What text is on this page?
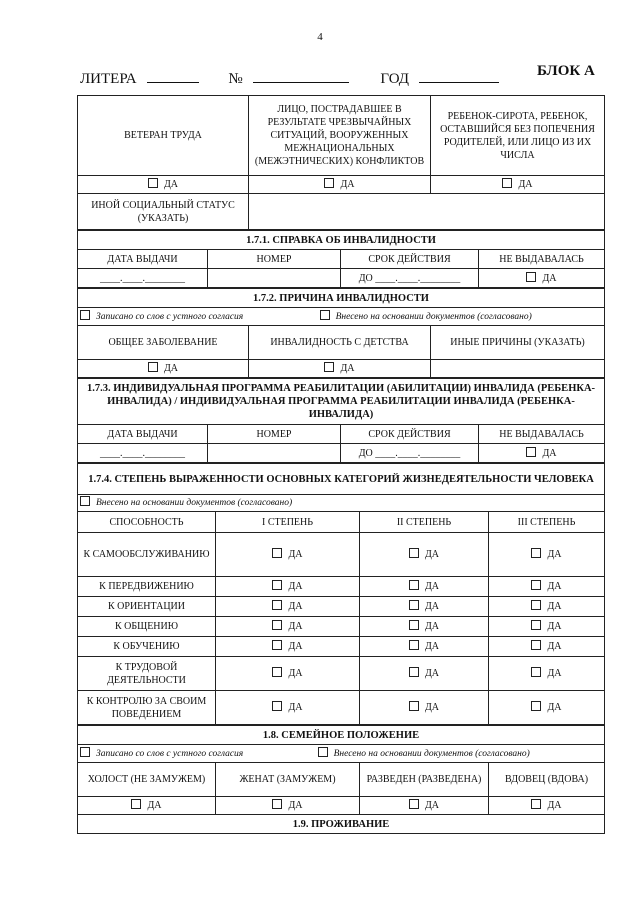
4
ЛИТЕРА	№	ГОД	БЛОК А
ВЕТЕРАН ТРУДА	ЛИЦО, ПОСТРАДАВШЕЕ В РЕЗУЛЬТАТЕ ЧРЕЗВЫЧАЙНЫХ СИТУАЦИЙ, ВООРУЖЕННЫХ МЕЖНАЦИОНАЛЬНЫХ (МЕЖЭТНИЧЕСКИХ) КОНФЛИКТОВ	РЕБЕНОК-СИРОТА, РЕБЕНОК, ОСТАВШИЙСЯ БЕЗ ПОПЕЧЕНИЯ РОДИТЕЛЕЙ, ИЛИ ЛИЦО ИЗ ИХ ЧИСЛА
ДА	ДА	ДА
ИНОЙ СОЦИАЛЬНЫЙ СТАТУС (УКАЗАТЬ)		
1.7.1. СПРАВКА ОБ ИНВАЛИДНОСТИ			
ДАТА ВЫДАЧИ	НОМЕР	СРОК ДЕЙСТВИЯ	НЕ ВЫДАВАЛАСЬ
____.____.________		ДО ____.____.________	ДА
1.7.2. ПРИЧИНА ИНВАЛИДНОСТИ		
Записано со слов с устного согласия Внесено на основании документов (согласовано)		
ОБЩЕЕ ЗАБОЛЕВАНИЕ	ИНВАЛИДНОСТЬ С ДЕТСТВА	ИНЫЕ ПРИЧИНЫ (УКАЗАТЬ)
ДА	ДА	
1.7.3. ИНДИВИДУАЛЬНАЯ ПРОГРАММА РЕАБИЛИТАЦИИ (АБИЛИТАЦИИ) ИНВАЛИДА (РЕБЕНКА-ИНВАЛИДА) / ИНДИВИДУАЛЬНАЯ ПРОГРАММА РЕАБИЛИТАЦИИ ИНВАЛИДА (РЕБЕНКА-ИНВАЛИДА)			
ДАТА ВЫДАЧИ	НОМЕР	СРОК ДЕЙСТВИЯ	НЕ ВЫДАВАЛАСЬ
____.____.________		ДО ____.____.________	ДА
1.7.4. СТЕПЕНЬ ВЫРАЖЕННОСТИ ОСНОВНЫХ КАТЕГОРИЙ ЖИЗНЕДЕЯТЕЛЬНОСТИ ЧЕЛОВЕКА			
Внесено на основании документов (согласовано)			
СПОСОБНОСТЬ	I СТЕПЕНЬ	II СТЕПЕНЬ	III СТЕПЕНЬ
К САМООБСЛУЖИВАНИЮ	ДА	ДА	ДА
К ПЕРЕДВИЖЕНИЮ	ДА	ДА	ДА
К ОРИЕНТАЦИИ	ДА	ДА	ДА
К ОБЩЕНИЮ	ДА	ДА	ДА
К ОБУЧЕНИЮ	ДА	ДА	ДА
К ТРУДОВОЙ ДЕЯТЕЛЬНОСТИ	ДА	ДА	ДА
К КОНТРОЛЮ ЗА СВОИМ ПОВЕДЕНИЕМ	ДА	ДА	ДА
1.8. СЕМЕЙНОЕ ПОЛОЖЕНИЕ			
Записано со слов с устного согласия Внесено на основании документов (согласовано)			
ХОЛОСТ (НЕ ЗАМУЖЕМ)	ЖЕНАТ (ЗАМУЖЕМ)	РАЗВЕДЕН (РАЗВЕДЕНА)	ВДОВЕЦ (ВДОВА)
ДА	ДА	ДА	ДА
1.9. ПРОЖИВАНИЕ			
